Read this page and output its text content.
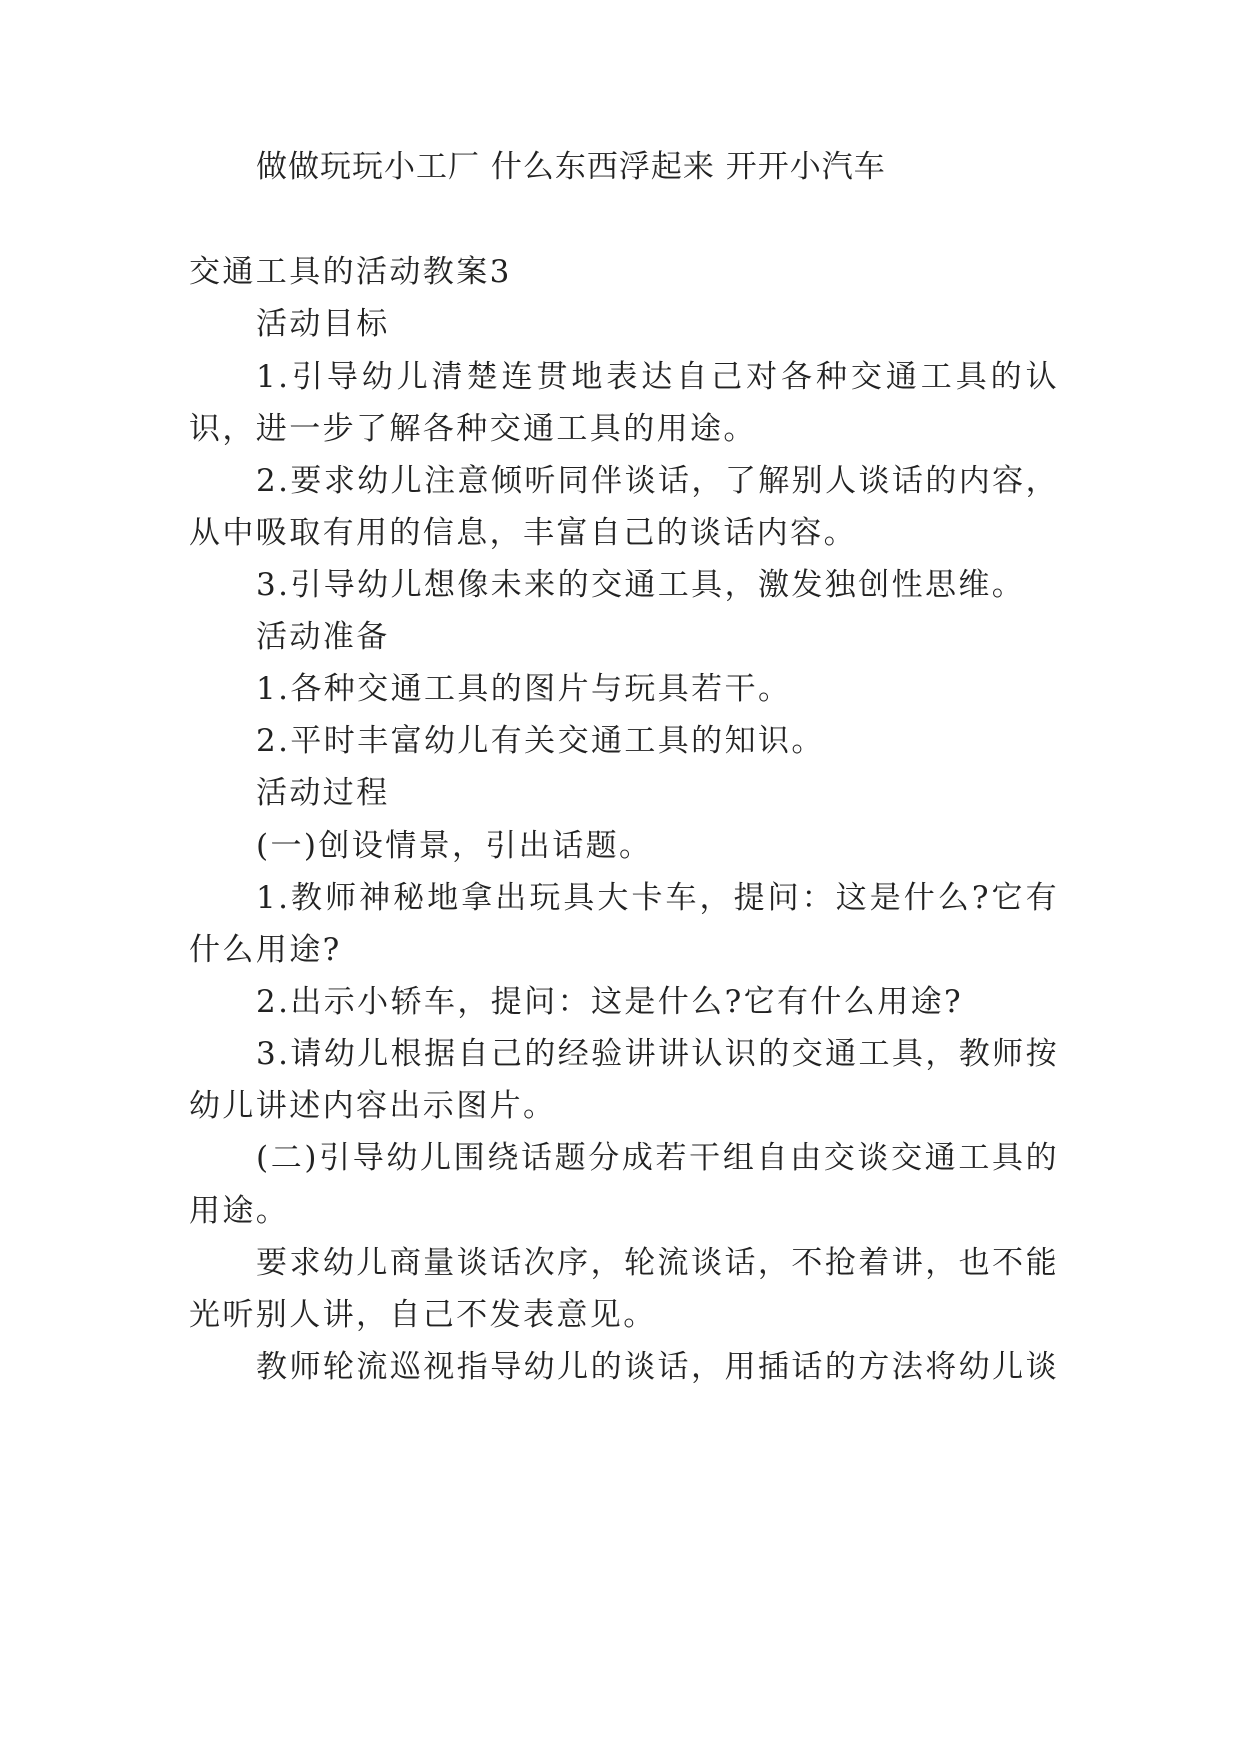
做做玩玩小工厂 什么东西浮起来 开开小汽车
交通工具的活动教案3
活动目标
1.引导幼儿清楚连贯地表达自己对各种交通工具的认
识，进一步了解各种交通工具的用途。
2.要求幼儿注意倾听同伴谈话，了解别人谈话的内容，
从中吸取有用的信息，丰富自己的谈话内容。
3.引导幼儿想像未来的交通工具，激发独创性思维。
活动准备
1.各种交通工具的图片与玩具若干。
2.平时丰富幼儿有关交通工具的知识。
活动过程
(一)创设情景，引出话题。
1.教师神秘地拿出玩具大卡车，提问：这是什么?它有
什么用途?
2.出示小轿车，提问：这是什么?它有什么用途?
3.请幼儿根据自己的经验讲讲认识的交通工具，教师按
幼儿讲述内容出示图片。
(二)引导幼儿围绕话题分成若干组自由交谈交通工具的
用途。
要求幼儿商量谈话次序，轮流谈话，不抢着讲，也不能
光听别人讲，自己不发表意见。
教师轮流巡视指导幼儿的谈话，用插话的方法将幼儿谈
